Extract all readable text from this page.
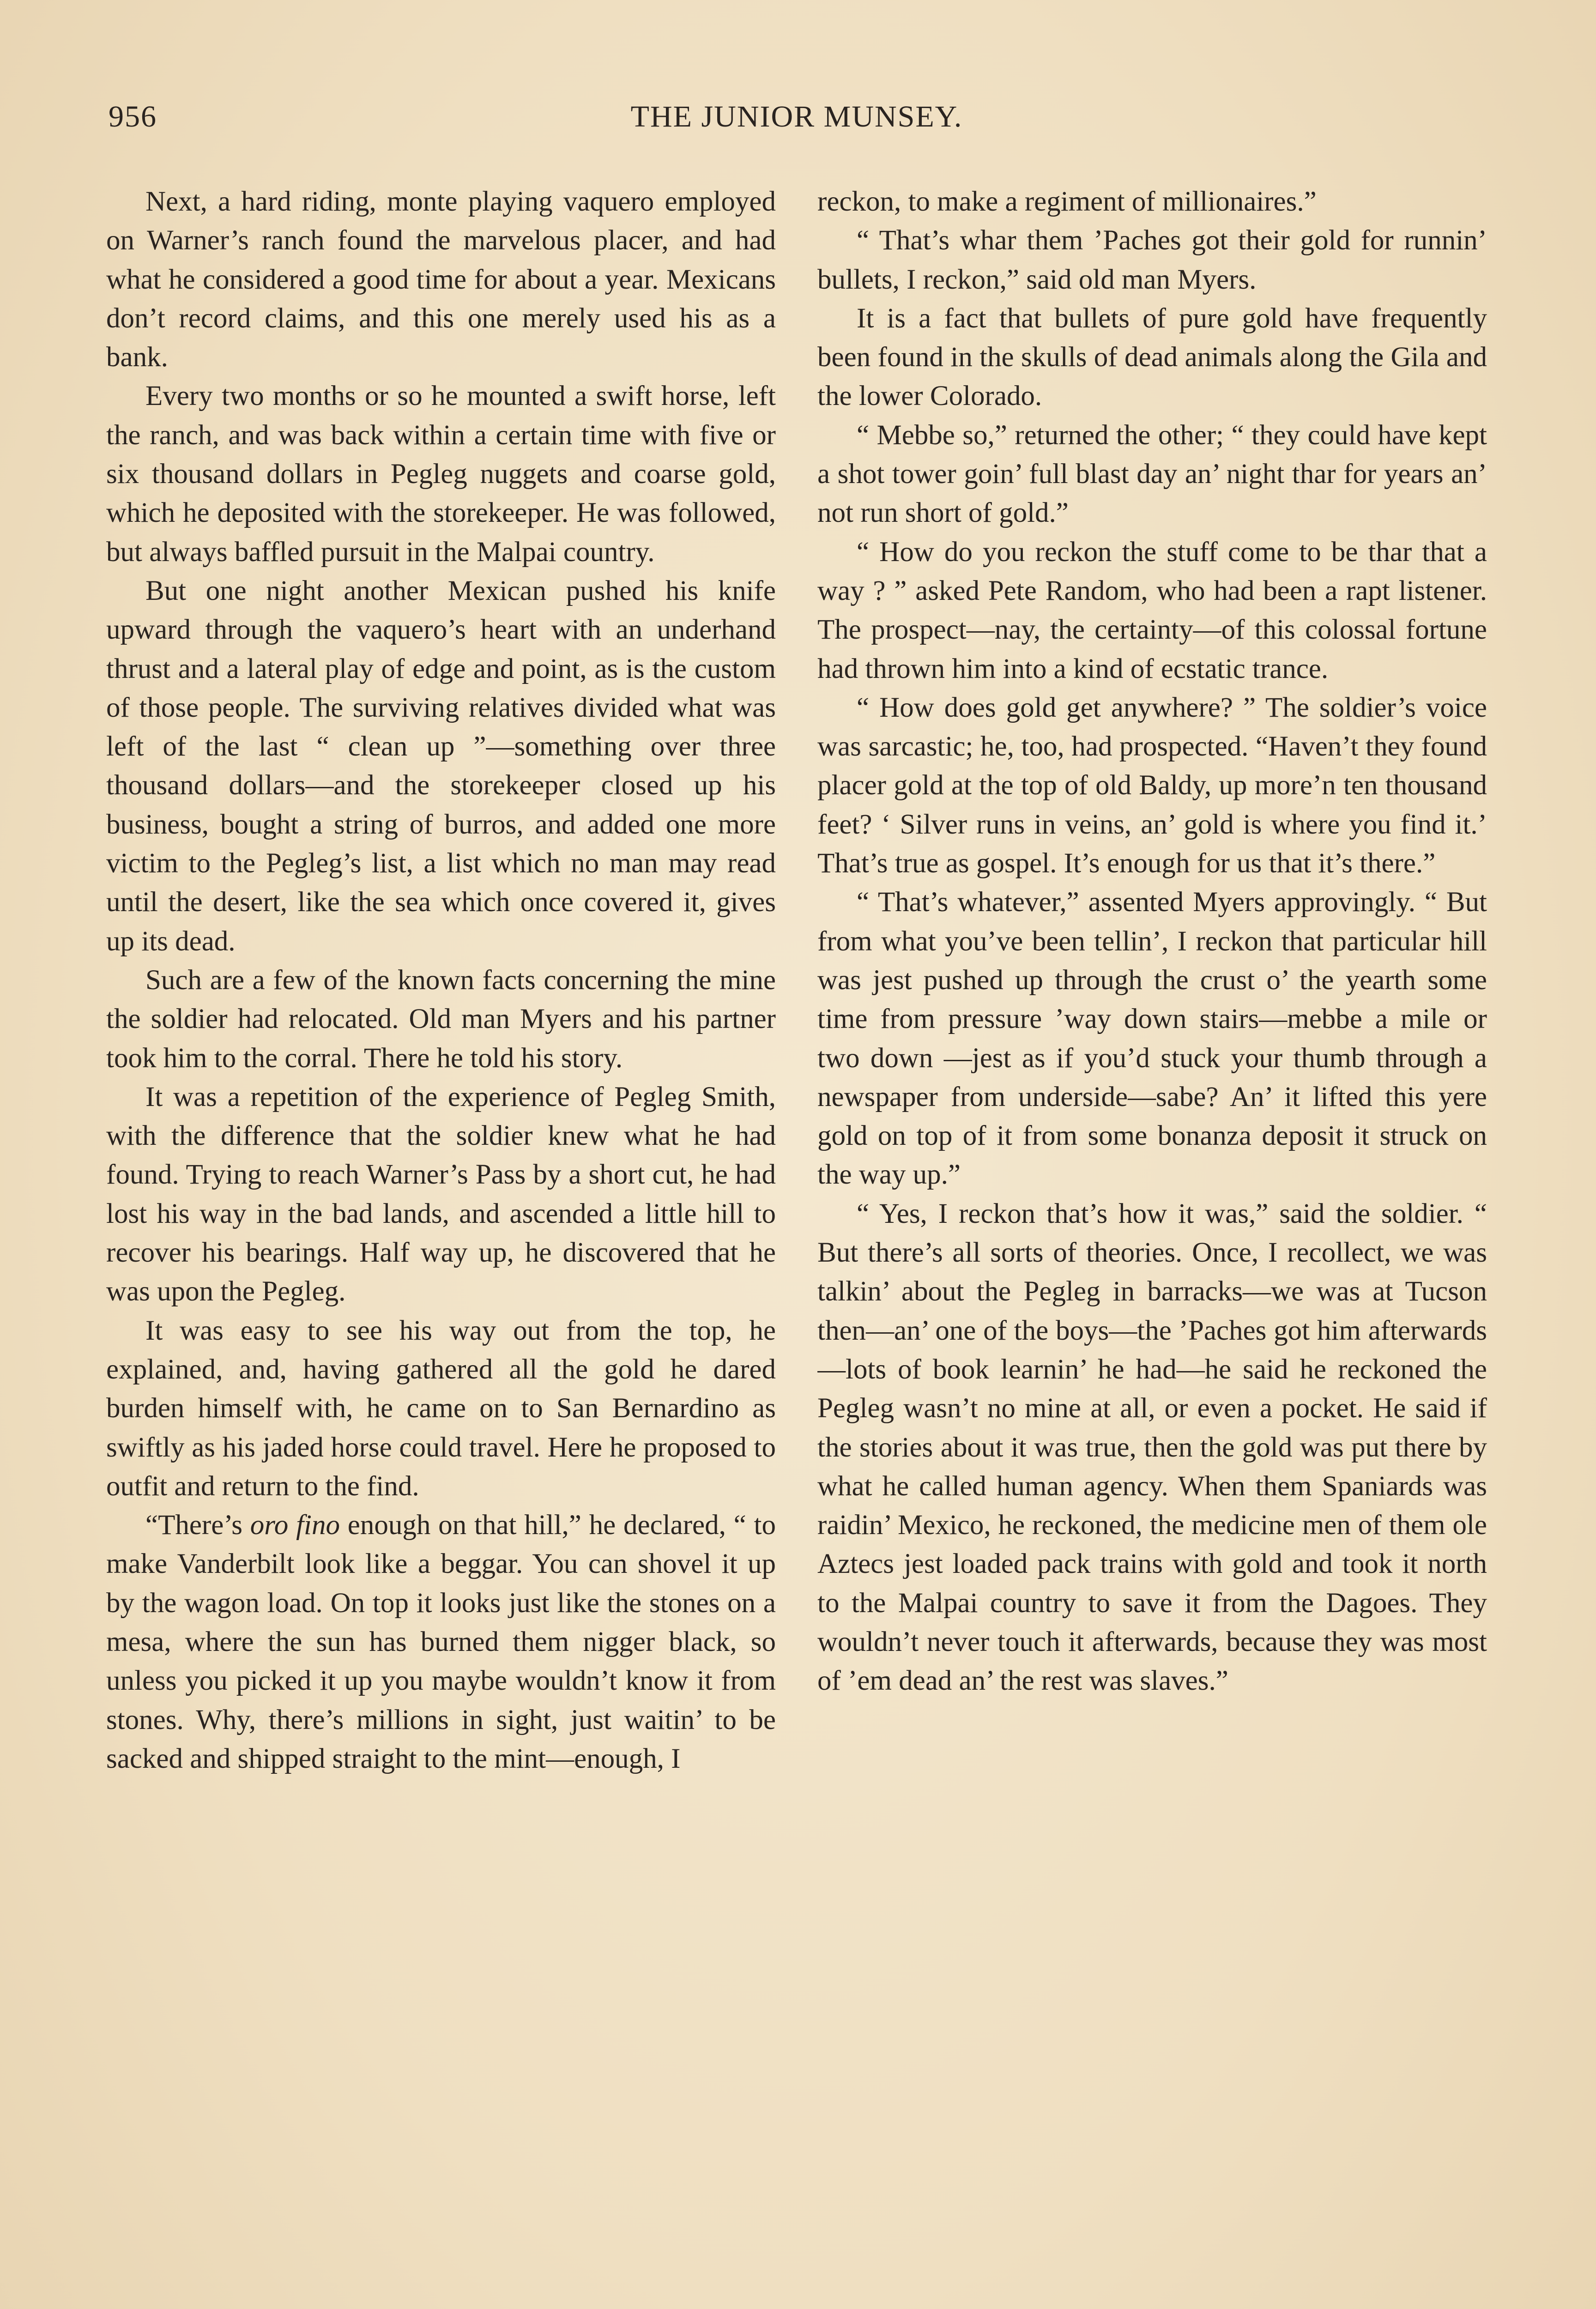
956	THE JUNIOR MUNSEY.

Next, a hard riding, monte playing vaquero employed on Warner’s ranch found the marvelous placer, and had what he considered a good time for about a year. Mexicans don’t record claims, and this one merely used his as a bank.

Every two months or so he mounted a swift horse, left the ranch, and was back within a certain time with five or six thousand dollars in Pegleg nuggets and coarse gold, which he deposited with the storekeeper. He was followed, but always baffled pursuit in the Malpai country.

But one night another Mexican pushed his knife upward through the vaquero’s heart with an underhand thrust and a lateral play of edge and point, as is the custom of those people. The surviving relatives divided what was left of the last “ clean up ”—something over three thousand dollars—and the storekeeper closed up his business, bought a string of burros, and added one more victim to the Pegleg’s list, a list which no man may read until the desert, like the sea which once covered it, gives up its dead.

Such are a few of the known facts concerning the mine the soldier had relocated. Old man Myers and his partner took him to the corral. There he told his story.

It was a repetition of the experience of Pegleg Smith, with the difference that the soldier knew what he had found. Trying to reach Warner’s Pass by a short cut, he had lost his way in the bad lands, and ascended a little hill to recover his bearings. Half way up, he discovered that he was upon the Pegleg.

It was easy to see his way out from the top, he explained, and, having gathered all the gold he dared burden himself with, he came on to San Bernardino as swiftly as his jaded horse could travel. Here he proposed to outfit and return to the find.

“There’s oro fino enough on that hill,” he declared, “ to make Vanderbilt look like a beggar. You can shovel it up by the wagon load. On top it looks just like the stones on a mesa, where the sun has burned them nigger black, so unless you picked it up you maybe wouldn’t know it from stones. Why, there’s millions in sight, just waitin’ to be sacked and shipped straight to the mint—enough, I

reckon, to make a regiment of millionaires.”

“ That’s whar them ’Paches got their gold for runnin’ bullets, I reckon,” said old man Myers.

It is a fact that bullets of pure gold have frequently been found in the skulls of dead animals along the Gila and the lower Colorado.

“ Mebbe so,” returned the other; “ they could have kept a shot tower goin’ full blast day an’ night thar for years an’ not run short of gold.”

“ How do you reckon the stuff come to be thar that a way ? ” asked Pete Random, who had been a rapt listener. The prospect—nay, the certainty—of this colossal fortune had thrown him into a kind of ecstatic trance.

“ How does gold get anywhere? ” The soldier’s voice was sarcastic; he, too, had prospected. “Haven’t they found placer gold at the top of old Baldy, up more’n ten thousand feet? ‘ Silver runs in veins, an’ gold is where you find it.’ That’s true as gospel. It’s enough for us that it’s there.”

“ That’s whatever,” assented Myers approvingly. “ But from what you’ve been tellin’, I reckon that particular hill was jest pushed up through the crust o’ the yearth some time from pressure ’way down stairs—mebbe a mile or two down —jest as if you’d stuck your thumb through a newspaper from underside—sabe? An’ it lifted this yere gold on top of it from some bonanza deposit it struck on the way up.”

“ Yes, I reckon that’s how it was,” said the soldier. “ But there’s all sorts of theories. Once, I recollect, we was talkin’ about the Pegleg in barracks—we was at Tucson then—an’ one of the boys—the ’Paches got him afterwards—lots of book learnin’ he had—he said he reckoned the Pegleg wasn’t no mine at all, or even a pocket. He said if the stories about it was true, then the gold was put there by what he called human agency. When them Spaniards was raidin’ Mexico, he reckoned, the medicine men of them ole Aztecs jest loaded pack trains with gold and took it north to the Malpai country to save it from the Dagoes. They wouldn’t never touch it afterwards, because they was most of ’em dead an’ the rest was slaves.”
